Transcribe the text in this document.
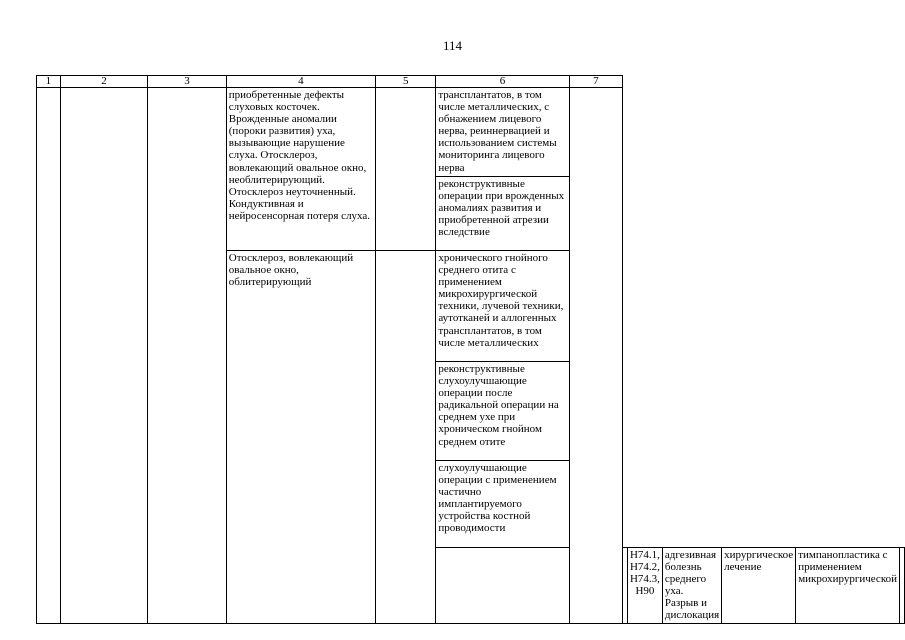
114
1	2	3	4	5	6	7						
			приобретенные дефекты слуховых косточек. Врожденные аномалии (пороки развития) уха, вызывающие нарушение слуха. Отосклероз, вовлекающий овальное окно, необлитерирующий. Отосклероз неуточненный. Кондуктивная и нейросенсорная потеря слуха.		трансплантатов, в том числе металлических, с обнажением лицевого нерва, реиннервацией и использованием системы мониторинга лицевого нерва							
					реконструктивные операции при врожденных аномалиях развития и приобретенной атрезии вследствие							
			Отосклероз, вовлекающий овальное окно, облитерирующий		хронического гнойного среднего отита с применением микрохирургической техники, лучевой техники, аутотканей и аллогенных трансплантатов, в том числе металлических							
					реконструктивные слухоулучшающие операции после радикальной операции на среднем ухе при хроническом гнойном среднем отите							
					слухоулучшающие операции с применением частично имплантируемого устройства костной проводимости							
								H74.1, H74.2, H74.3, H90	адгезивная болезнь среднего уха. Разрыв и дислокация	хирургическое лечение	тимпанопластика с применением микрохирургической	
